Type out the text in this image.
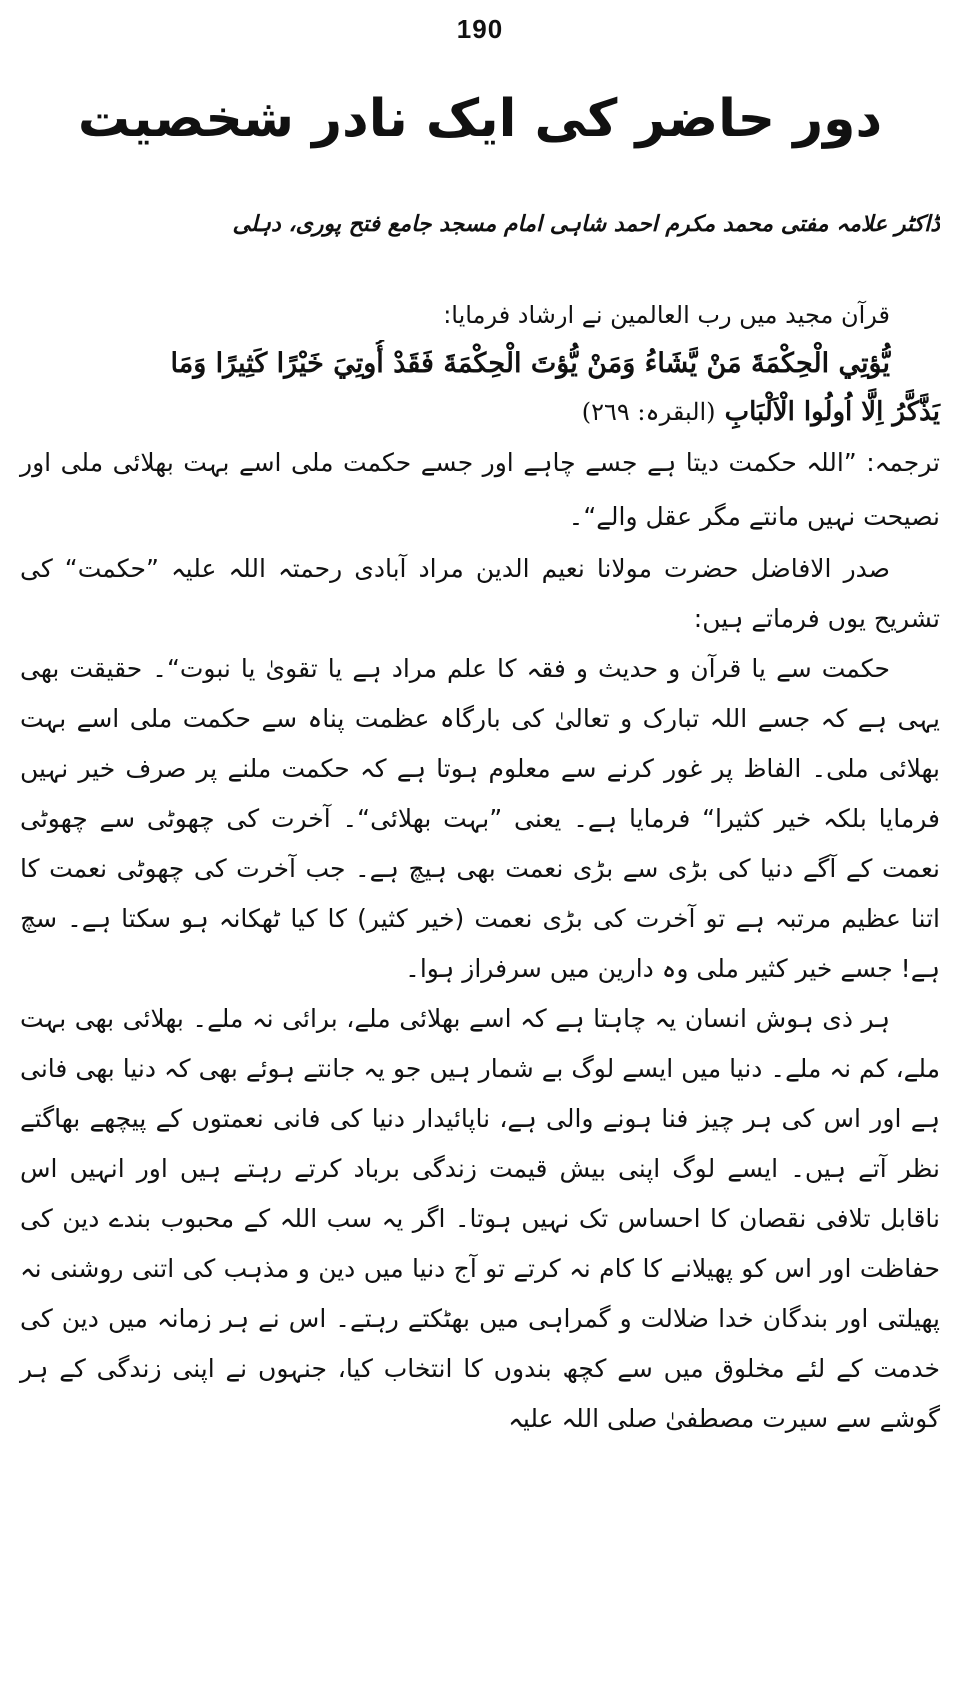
190
دور حاضر کی ایک نادر شخصیت
ڈاکٹر علامہ مفتی محمد مکرم احمد شاہی امام مسجد جامع فتح پوری، دہلی

قرآن مجید میں رب العالمین نے ارشاد فرمایا:

يُّؤتِي الْحِكْمَةَ مَنْ يَّشَاءُ وَمَنْ يُّؤتَ الْحِكْمَةَ فَقَدْ أُوتِيَ خَيْرًا كَثِيرًا وَمَا

يَذَّكَّرُ اِلَّا اُولُوا الْاَلْبَابِ (البقرہ: ٢٦٩)

ترجمہ: ”اللہ حکمت دیتا ہے جسے چاہے اور جسے حکمت ملی اسے بہت بھلائی ملی اور نصیحت نہیں مانتے مگر عقل والے“۔

صدر الافاضل حضرت مولانا نعیم الدین مراد آبادی رحمتہ اللہ علیہ ”حکمت“ کی تشریح یوں فرماتے ہیں:

حکمت سے یا قرآن و حدیث و فقہ کا علم مراد ہے یا تقویٰ یا نبوت“۔ حقیقت بھی یہی ہے کہ جسے اللہ تبارک و تعالیٰ کی بارگاہ عظمت پناہ سے حکمت ملی اسے بہت بھلائی ملی۔ الفاظ پر غور کرنے سے معلوم ہوتا ہے کہ حکمت ملنے پر صرف خیر نہیں فرمایا بلکہ خیر کثیرا“ فرمایا ہے۔ یعنی ”بہت بھلائی“۔ آخرت کی چھوٹی سے چھوٹی نعمت کے آگے دنیا کی بڑی سے بڑی نعمت بھی ہیچ ہے۔ جب آخرت کی چھوٹی نعمت کا اتنا عظیم مرتبہ ہے تو آخرت کی بڑی نعمت (خیر کثیر) کا کیا ٹھکانہ ہو سکتا ہے۔ سچ ہے! جسے خیر کثیر ملی وہ دارین میں سرفراز ہوا۔

ہر ذی ہوش انسان یہ چاہتا ہے کہ اسے بھلائی ملے، برائی نہ ملے۔ بھلائی بھی بہت ملے، کم نہ ملے۔ دنیا میں ایسے لوگ بے شمار ہیں جو یہ جانتے ہوئے بھی کہ دنیا بھی فانی ہے اور اس کی ہر چیز فنا ہونے والی ہے، ناپائیدار دنیا کی فانی نعمتوں کے پیچھے بھاگتے نظر آتے ہیں۔ ایسے لوگ اپنی بیش قیمت زندگی برباد کرتے رہتے ہیں اور انہیں اس ناقابل تلافی نقصان کا احساس تک نہیں ہوتا۔ اگر یہ سب اللہ کے محبوب بندے دین کی حفاظت اور اس کو پھیلانے کا کام نہ کرتے تو آج دنیا میں دین و مذہب کی اتنی روشنی نہ پھیلتی اور بندگان خدا ضلالت و گمراہی میں بھٹکتے رہتے۔ اس نے ہر زمانہ میں دین کی خدمت کے لئے مخلوق میں سے کچھ بندوں کا انتخاب کیا، جنہوں نے اپنی زندگی کے ہر گوشے سے سیرت مصطفیٰ صلی اللہ علیہ
